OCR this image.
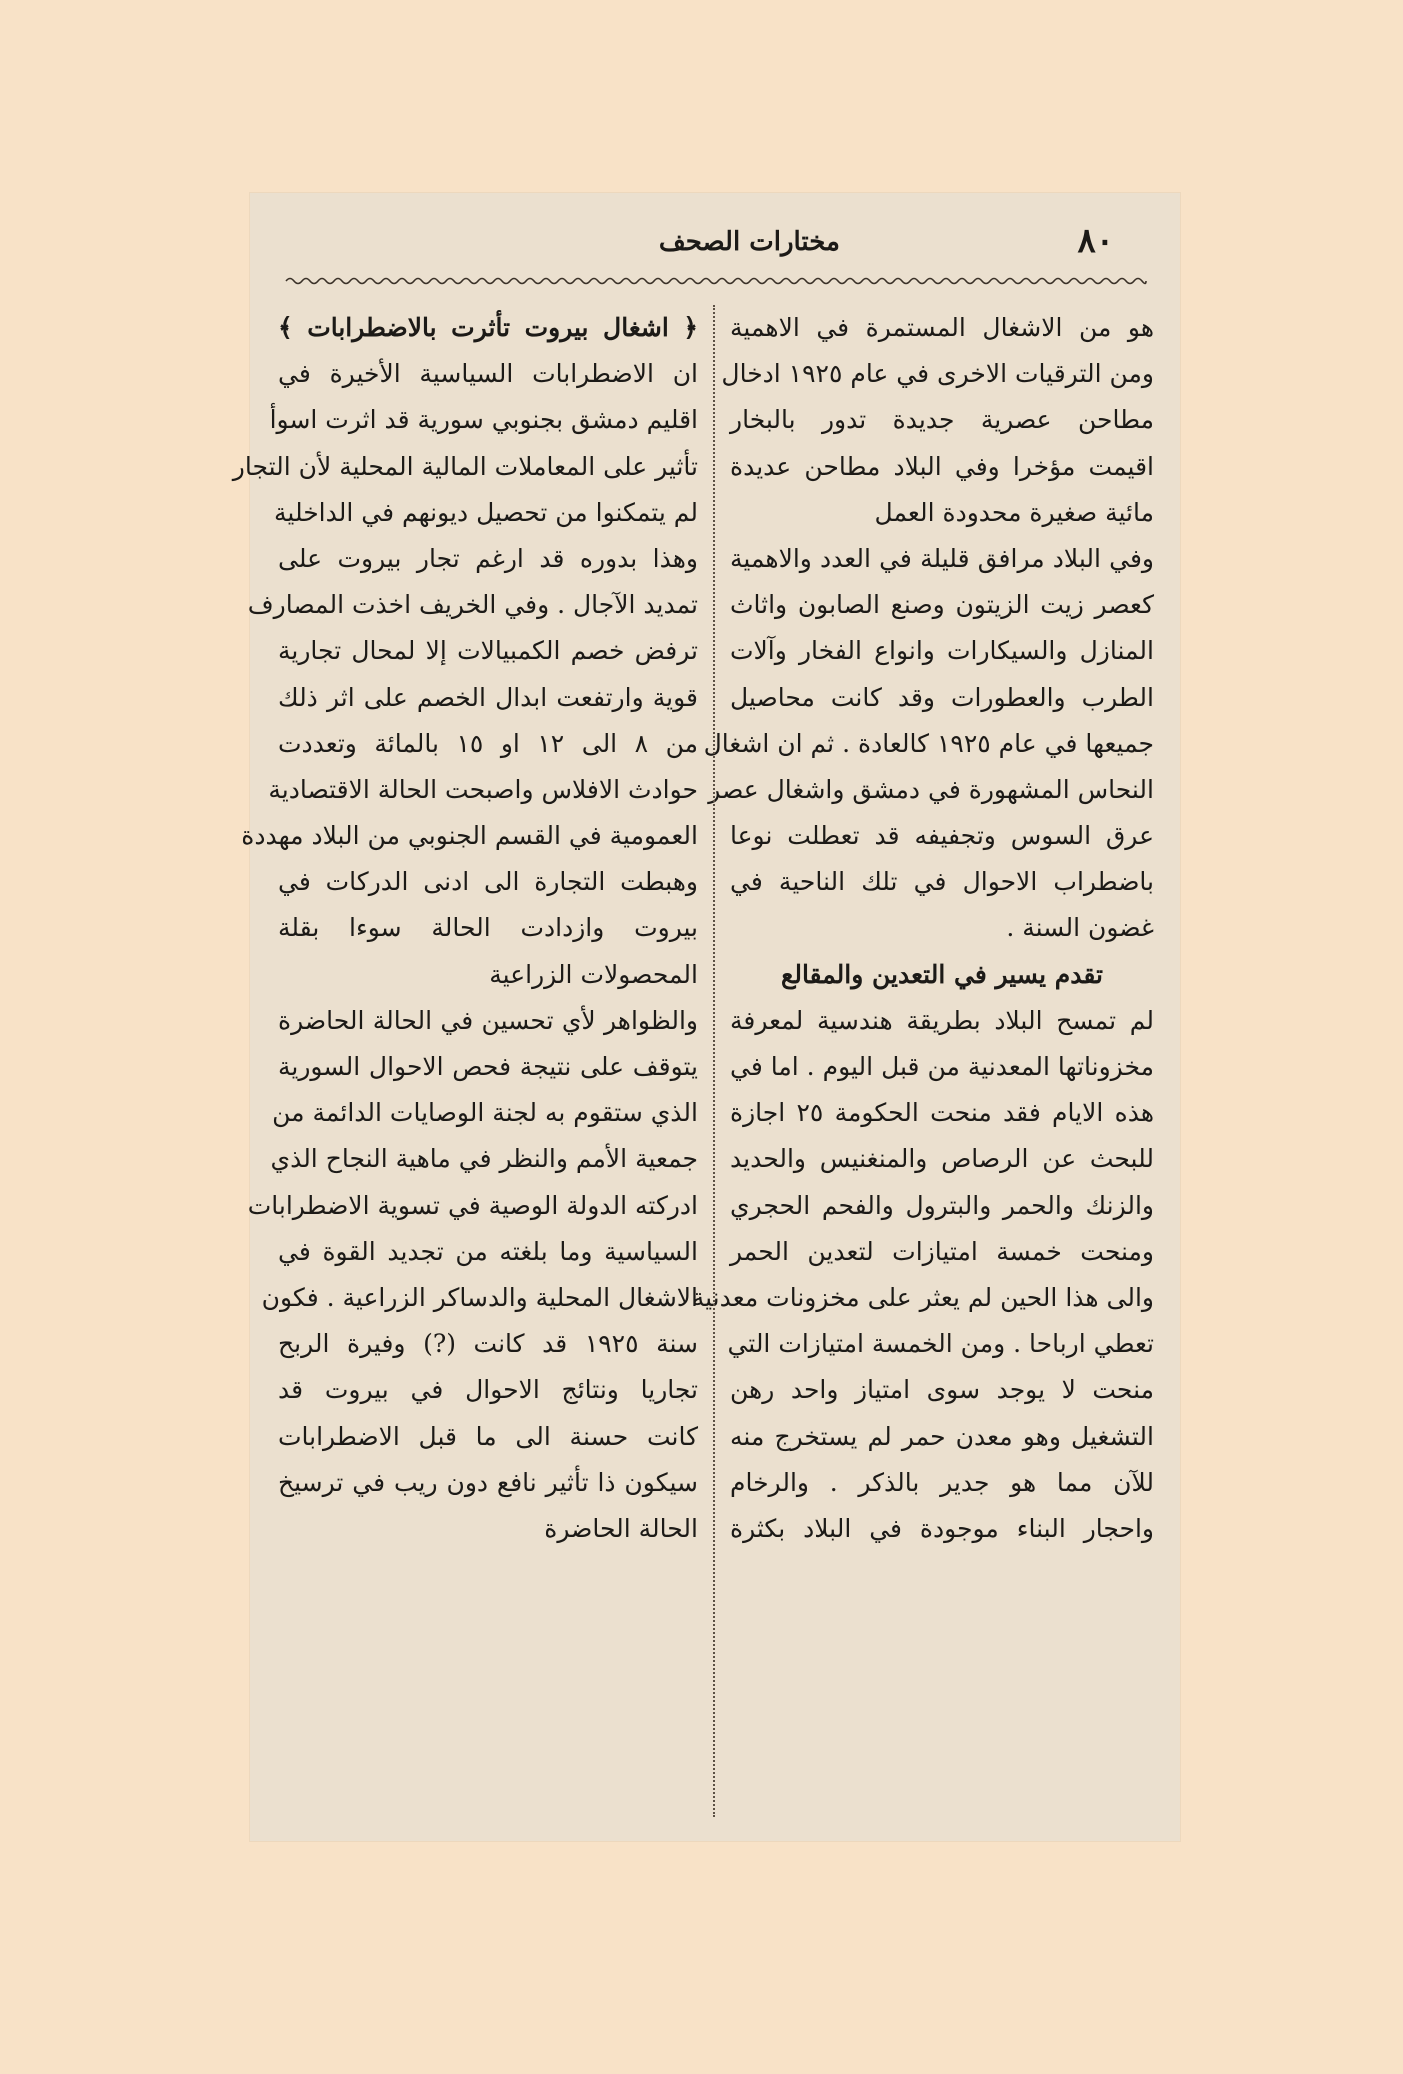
٨٠
مختارات الصحف
هو من الاشغال المستمرة في الاهمية
ومن الترقيات الاخرى في عام ١٩٢٥ ادخال
مطاحن عصرية جديدة تدور بالبخار
اقيمت مؤخرا وفي البلاد مطاحن عديدة
مائية صغيرة محدودة العمل
وفي البلاد مرافق قليلة في العدد والاهمية
كعصر زيت الزيتون وصنع الصابون واثاث
المنازل والسيكارات وانواع الفخار وآلات
الطرب والعطورات وقد كانت محاصيل
جميعها في عام ١٩٢٥ كالعادة . ثم ان اشغال
النحاس المشهورة في دمشق واشغال عصر
عرق السوس وتجفيفه قد تعطلت نوعا
باضطراب الاحوال في تلك الناحية في
غضون السنة .
تقدم يسير في التعدين والمقالع
لم تمسح البلاد بطريقة هندسية لمعرفة
مخزوناتها المعدنية من قبل اليوم . اما في
هذه الايام فقد منحت الحكومة ٢٥ اجازة
للبحث عن الرصاص والمنغنيس والحديد
والزنك والحمر والبترول والفحم الحجري
ومنحت خمسة امتيازات لتعدين الحمر
والى هذا الحين لم يعثر على مخزونات معدنية
تعطي ارباحا . ومن الخمسة امتيازات التي
منحت لا يوجد سوى امتياز واحد رهن
التشغيل وهو معدن حمر لم يستخرج منه
للآن مما هو جدير بالذكر . والرخام
واحجار البناء موجودة في البلاد بكثرة
﴿ اشغال بيروت تأثرت بالاضطرابات ﴾
ان الاضطرابات السياسية الأخيرة في
اقليم دمشق بجنوبي سورية قد اثرت اسوأ
تأثير على المعاملات المالية المحلية لأن التجار
لم يتمكنوا من تحصيل ديونهم في الداخلية
وهذا بدوره قد ارغم تجار بيروت على
تمديد الآجال . وفي الخريف اخذت المصارف
ترفض خصم الكمبيالات إلا لمحال تجارية
قوية وارتفعت ابدال الخصم على اثر ذلك
من ٨ الى ١٢ او ١٥ بالمائة وتعددت
حوادث الافلاس واصبحت الحالة الاقتصادية
العمومية في القسم الجنوبي من البلاد مهددة
وهبطت التجارة الى ادنى الدركات في
بيروت وازدادت الحالة سوءا بقلة
المحصولات الزراعية
والظواهر لأي تحسين في الحالة الحاضرة
يتوقف على نتيجة فحص الاحوال السورية
الذي ستقوم به لجنة الوصايات الدائمة من
جمعية الأمم والنظر في ماهية النجاح الذي
ادركته الدولة الوصية في تسوية الاضطرابات
السياسية وما بلغته من تجديد القوة في
الاشغال المحلية والدساكر الزراعية . فكون
سنة ١٩٢٥ قد كانت (?) وفيرة الربح
تجاريا ونتائج الاحوال في بيروت قد
كانت حسنة الى ما قبل الاضطرابات
سيكون ذا تأثير نافع دون ريب في ترسيخ
الحالة الحاضرة
